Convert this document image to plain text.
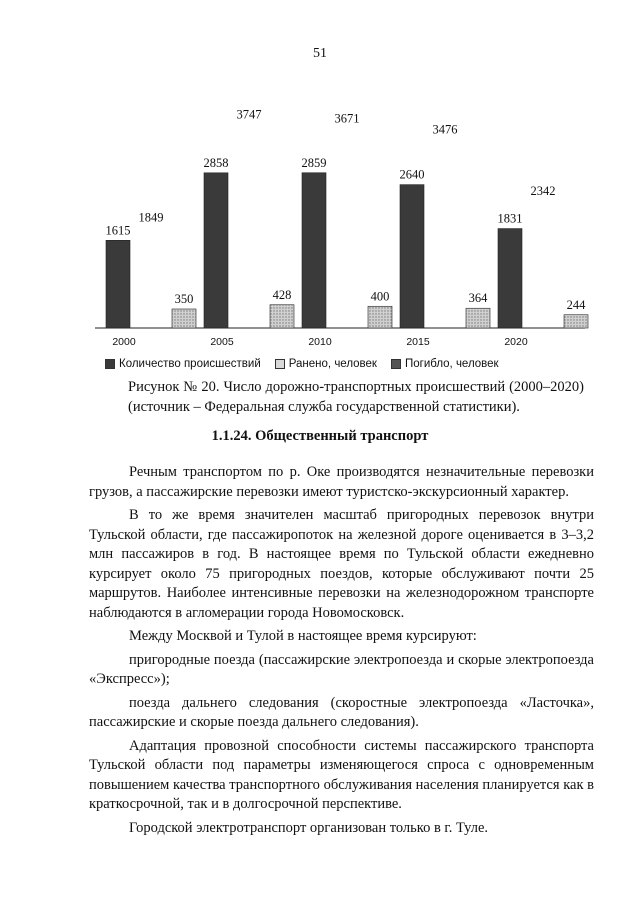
51
1615
1849
350
2000
2858
3747
428
2005
2859
3671
400
2010
2640
3476
364
2015
1831
2342
244
2020
Количество происшествий Ранено, человек Погибло, человек
Рисунок № 20. Число дорожно-транспортных происшествий (2000–2020) (источник – Федеральная служба государственной статистики).
1.1.24. Общественный транспорт

Речным транспортом по р. Оке производятся незначительные перевозки грузов, а пассажирские перевозки имеют туристско-экскурсионный характер.

В то же время значителен масштаб пригородных перевозок внутри Тульской области, где пассажиропоток на железной дороге оценивается в 3–3,2 млн пассажиров в год. В настоящее время по Тульской области ежедневно курсирует около 75 пригородных поездов, которые обслуживают почти 25 маршрутов. Наиболее интенсивные перевозки на железнодорожном транспорте наблюдаются в агломерации города Новомосковск.

Между Москвой и Тулой в настоящее время курсируют:

пригородные поезда (пассажирские электропоезда и скорые электропоезда «Экспресс»);

поезда дальнего следования (скоростные электропоезда «Ласточка», пассажирские и скорые поезда дальнего следования).

Адаптация провозной способности системы пассажирского транспорта Тульской области под параметры изменяющегося спроса с одновременным повышением качества транспортного обслуживания населения планируется как в краткосрочной, так и в долгосрочной перспективе.

Городской электротранспорт организован только в г. Туле.
